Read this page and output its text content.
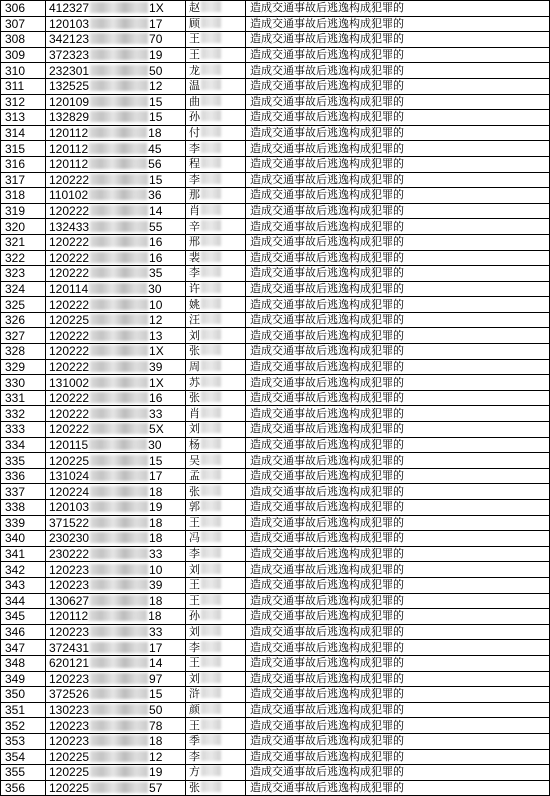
306	412327 1X	赵	造成交通事故后逃逸构成犯罪的
307	120103 17	顾	造成交通事故后逃逸构成犯罪的
308	342123 70	王	造成交通事故后逃逸构成犯罪的
309	372323 19	王	造成交通事故后逃逸构成犯罪的
310	232301 50	龙	造成交通事故后逃逸构成犯罪的
311	132525 12	温	造成交通事故后逃逸构成犯罪的
312	120109 15	曲	造成交通事故后逃逸构成犯罪的
313	132829 15	孙	造成交通事故后逃逸构成犯罪的
314	120112 18	付	造成交通事故后逃逸构成犯罪的
315	120112 45	李	造成交通事故后逃逸构成犯罪的
316	120112 56	程	造成交通事故后逃逸构成犯罪的
317	120222 15	李	造成交通事故后逃逸构成犯罪的
318	110102 36	那	造成交通事故后逃逸构成犯罪的
319	120222 14	肖	造成交通事故后逃逸构成犯罪的
320	132433 55	辛	造成交通事故后逃逸构成犯罪的
321	120222 16	邢	造成交通事故后逃逸构成犯罪的
322	120222 16	裴	造成交通事故后逃逸构成犯罪的
323	120222 35	李	造成交通事故后逃逸构成犯罪的
324	120114 30	许	造成交通事故后逃逸构成犯罪的
325	120222 10	姚	造成交通事故后逃逸构成犯罪的
326	120225 12	汪	造成交通事故后逃逸构成犯罪的
327	120222 13	刘	造成交通事故后逃逸构成犯罪的
328	120222 1X	张	造成交通事故后逃逸构成犯罪的
329	120222 39	周	造成交通事故后逃逸构成犯罪的
330	131002 1X	苏	造成交通事故后逃逸构成犯罪的
331	120222 16	张	造成交通事故后逃逸构成犯罪的
332	120222 33	肖	造成交通事故后逃逸构成犯罪的
333	120222 5X	刘	造成交通事故后逃逸构成犯罪的
334	120115 30	杨	造成交通事故后逃逸构成犯罪的
335	120225 15	吴	造成交通事故后逃逸构成犯罪的
336	131024 17	孟	造成交通事故后逃逸构成犯罪的
337	120224 18	张	造成交通事故后逃逸构成犯罪的
338	120103 19	郭	造成交通事故后逃逸构成犯罪的
339	371522 18	王	造成交通事故后逃逸构成犯罪的
340	230230 18	冯	造成交通事故后逃逸构成犯罪的
341	230222 33	李	造成交通事故后逃逸构成犯罪的
342	120223 10	刘	造成交通事故后逃逸构成犯罪的
343	120223 39	王	造成交通事故后逃逸构成犯罪的
344	130627 18	王	造成交通事故后逃逸构成犯罪的
345	120112 18	孙	造成交通事故后逃逸构成犯罪的
346	120223 33	刘	造成交通事故后逃逸构成犯罪的
347	372431 17	李	造成交通事故后逃逸构成犯罪的
348	620121 14	王	造成交通事故后逃逸构成犯罪的
349	120223 97	刘	造成交通事故后逃逸构成犯罪的
350	372526 15	浒	造成交通事故后逃逸构成犯罪的
351	130223 50	颜	造成交通事故后逃逸构成犯罪的
352	120223 78	王	造成交通事故后逃逸构成犯罪的
353	120223 18	季	造成交通事故后逃逸构成犯罪的
354	120225 12	李	造成交通事故后逃逸构成犯罪的
355	120225 19	方	造成交通事故后逃逸构成犯罪的
356	120225 57	张	造成交通事故后逃逸构成犯罪的
